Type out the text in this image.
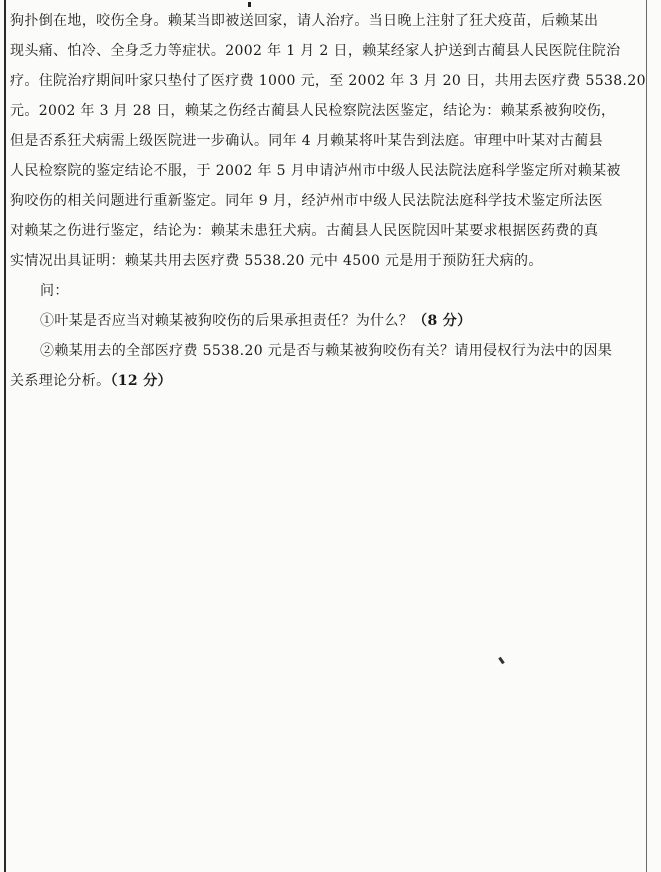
狗扑倒在地，咬伤全身。赖某当即被送回家，请人治疗。当日晚上注射了狂犬疫苗，后赖某出
现头痛、怕冷、全身乏力等症状。2002 年 1 月 2 日，赖某经家人护送到古蔺县人民医院住院治
疗。住院治疗期间叶家只垫付了医疗费 1000 元，至 2002 年 3 月 20 日，共用去医疗费 5538.20
元。2002 年 3 月 28 日，赖某之伤经古蔺县人民检察院法医鉴定，结论为：赖某系被狗咬伤，
但是否系狂犬病需上级医院进一步确认。同年 4 月赖某将叶某告到法庭。审理中叶某对古蔺县
人民检察院的鉴定结论不服，于 2002 年 5 月申请泸州市中级人民法院法庭科学鉴定所对赖某被
狗咬伤的相关问题进行重新鉴定。同年 9 月，经泸州市中级人民法院法庭科学技术鉴定所法医
对赖某之伤进行鉴定，结论为：赖某未患狂犬病。古蔺县人民医院因叶某要求根据医药费的真
实情况出具证明：赖某共用去医疗费 5538.20 元中 4500 元是用于预防狂犬病的。
问：
①叶某是否应当对赖某被狗咬伤的后果承担责任？为什么？（8 分）
②赖某用去的全部医疗费 5538.20 元是否与赖某被狗咬伤有关？请用侵权行为法中的因果
关系理论分析。（12 分）
